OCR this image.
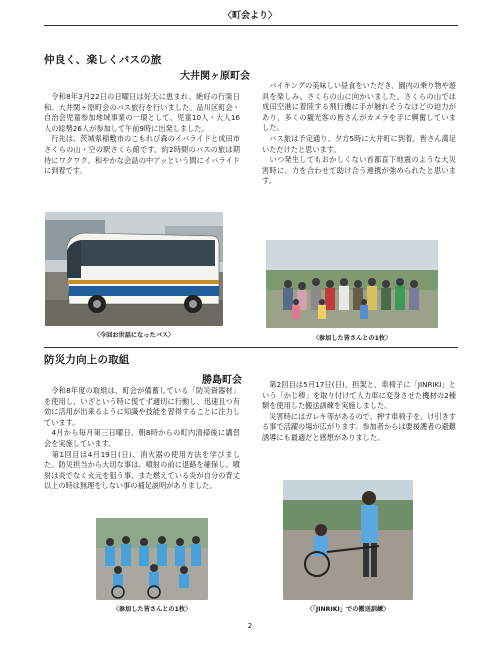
〈町会より〉
仲良く、楽しくバスの旅
大井関ヶ原町会

　令和8年3月22日の日曜日は好天に恵まれ、絶好の行楽日和。大井関ヶ原町会のバス旅行を行いました。品川区町会・自治会児童参加地域事業の一環として、児童10人・大人16人の総勢26人が参加して午前9時に出発しました。

　行先は、茨城県稲敷市のこもれび森のイバライドと成田市さくらの山・空の駅さくら館です。約2時間のバスの旅は期待にワクワク、和やかな会話の中アッという間にイバライドに到着です。

　バイキングの美味しい昼食をいただき、園内の乗り物や遊具を楽しみ、さくらの山に向かいました。さくらの山では成田空港に着陸する飛行機に手が触れそうなほどの迫力があり、多くの観光客の皆さんがカメラを手に興奮していました。

　バス旅は予定通り、夕方5時に大井町に到着。皆さん満足いただけたと思います。

　いつ発生してもおかしくない首都直下地震のような大災害時に、力を合わせて助け合う連携が強められたと思います。

〈今回お世話になったバス〉	〈参加した皆さんとの1枚〉
防災力向上の取組
勝島町会

　令和8年度の取組は、町会が備蓄している「防災資器材」を使用し、いざという時に慌てず適切に行動し、迅速且つ有効に活用が出来るように知識や技能を習得することに注力しています。

　4月から毎月第三日曜日、朝8時からの町内清掃後に講習会を実施しています。

　第1回目は4月19日(日)、消火器の使用方法を学びました。防災担当から大切な事は、噴射の前に退路を確保し、噴射は炎でなく火元を狙う事、また燃えている炎が自分の背丈以上の時は無理をしない事の補足説明がありました。

　第2回目は5月17日(日)、担架と、車椅子に「JINRIKI」という「かじ棒」を取り付けて人力車に変身させた機材の2種類を使用した搬送訓練を実施しました。

　災害時にはガレキ等があるので、押す車椅子を、け引きする事で活躍の場が広がります。参加者からは要援護者の避難誘導にも最適だと感想がありました。

〈参加した皆さんとの1枚〉	〈「JINRIKI」での搬送訓練〉
2
